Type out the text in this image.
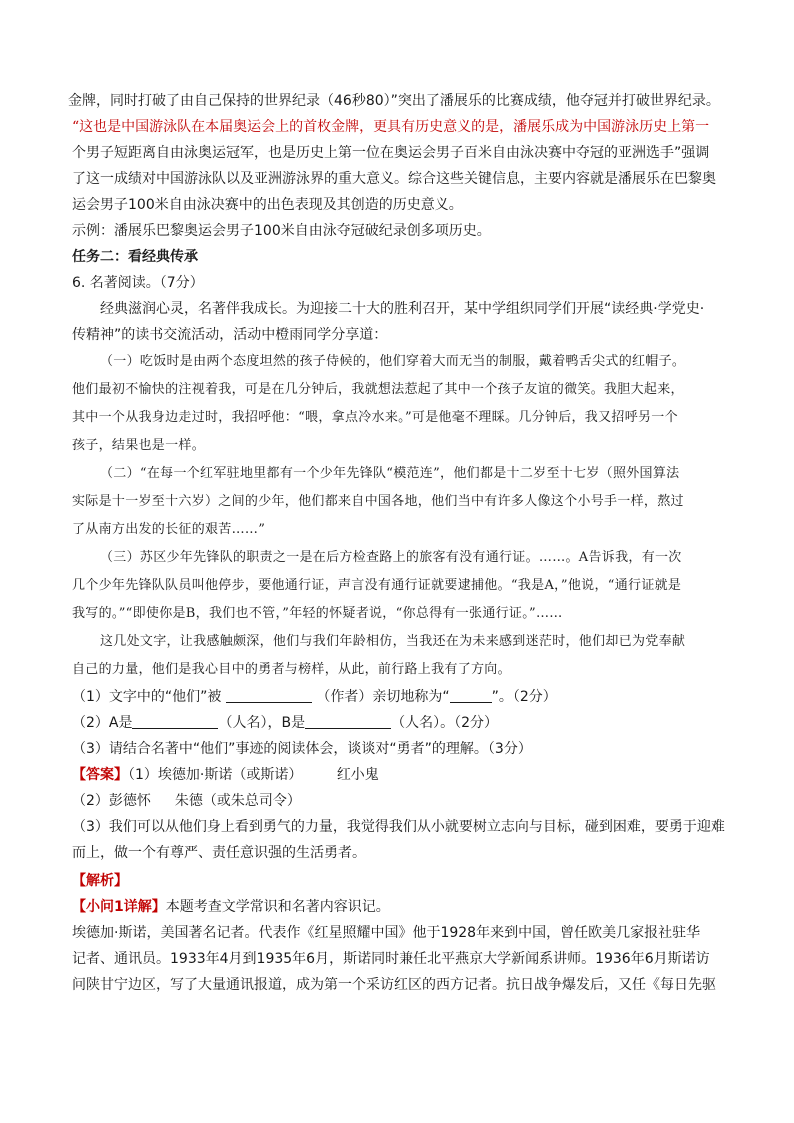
金牌，同时打破了由自己保持的世界纪录（46秒80）”突出了潘展乐的比赛成绩，他夺冠并打破世界纪录。
“这也是中国游泳队在本届奥运会上的首枚金牌，更具有历史意义的是，潘展乐成为中国游泳历史上第一
个男子短距离自由泳奥运冠军，也是历史上第一位在奥运会男子百米自由泳决赛中夺冠的亚洲选手”强调
了这一成绩对中国游泳队以及亚洲游泳界的重大意义。综合这些关键信息，主要内容就是潘展乐在巴黎奥
运会男子100米自由泳决赛中的出色表现及其创造的历史意义。
示例：潘展乐巴黎奥运会男子100米自由泳夺冠破纪录创多项历史。
任务二：看经典传承
6. 名著阅读。（7分）
经典滋润心灵，名著伴我成长。为迎接二十大的胜利召开，某中学组织同学们开展“读经典·学党史·
传精神”的读书交流活动，活动中橙雨同学分享道：
（一）吃饭时是由两个态度坦然的孩子侍候的，他们穿着大而无当的制服，戴着鸭舌尖式的红帽子。
他们最初不愉快的注视着我，可是在几分钟后，我就想法惹起了其中一个孩子友谊的微笑。我胆大起来，
其中一个从我身边走过时，我招呼他：“喂，拿点冷水来。”可是他毫不理睬。几分钟后，我又招呼另一个
孩子，结果也是一样。
（二）“在每一个红军驻地里都有一个少年先锋队“模范连”，他们都是十二岁至十七岁（照外国算法
实际是十一岁至十六岁）之间的少年，他们都来自中国各地，他们当中有许多人像这个小号手一样，熬过
了从南方出发的长征的艰苦……”
（三）苏区少年先锋队的职责之一是在后方检查路上的旅客有没有通行证。……。A告诉我，有一次
几个少年先锋队队员叫他停步，要他通行证，声言没有通行证就要逮捕他。“我是A，”他说，“通行证就是
我写的。”“即使你是B，我们也不管，”年轻的怀疑者说，“你总得有一张通行证。”……
这几处文字，让我感触颇深，他们与我们年龄相仿，当我还在为未来感到迷茫时，他们却已为党奉献
自己的力量，他们是我心目中的勇者与榜样，从此，前行路上我有了方向。
（1）文字中的“他们”被	（作者）亲切地称为“	”。（2分）
（2）A是	（人名），B是	（人名）。（2分）
（3）请结合名著中“他们”事迹的阅读体会，谈谈对“勇者”的理解。（3分）
【答案】（1）埃德加·斯诺（或斯诺） 红小鬼
（2）彭德怀 朱德（或朱总司令）
（3）我们可以从他们身上看到勇气的力量，我觉得我们从小就要树立志向与目标，碰到困难，要勇于迎难
而上，做一个有尊严、责任意识强的生活勇者。
【解析】
【小问1详解】本题考查文学常识和名著内容识记。
埃德加·斯诺，美国著名记者。代表作《红星照耀中国》他于1928年来到中国，曾任欧美几家报社驻华
记者、通讯员。1933年4月到1935年6月，斯诺同时兼任北平燕京大学新闻系讲师。1936年6月斯诺访
问陕甘宁边区，写了大量通讯报道，成为第一个采访红区的西方记者。抗日战争爆发后，又任《每日先驱
